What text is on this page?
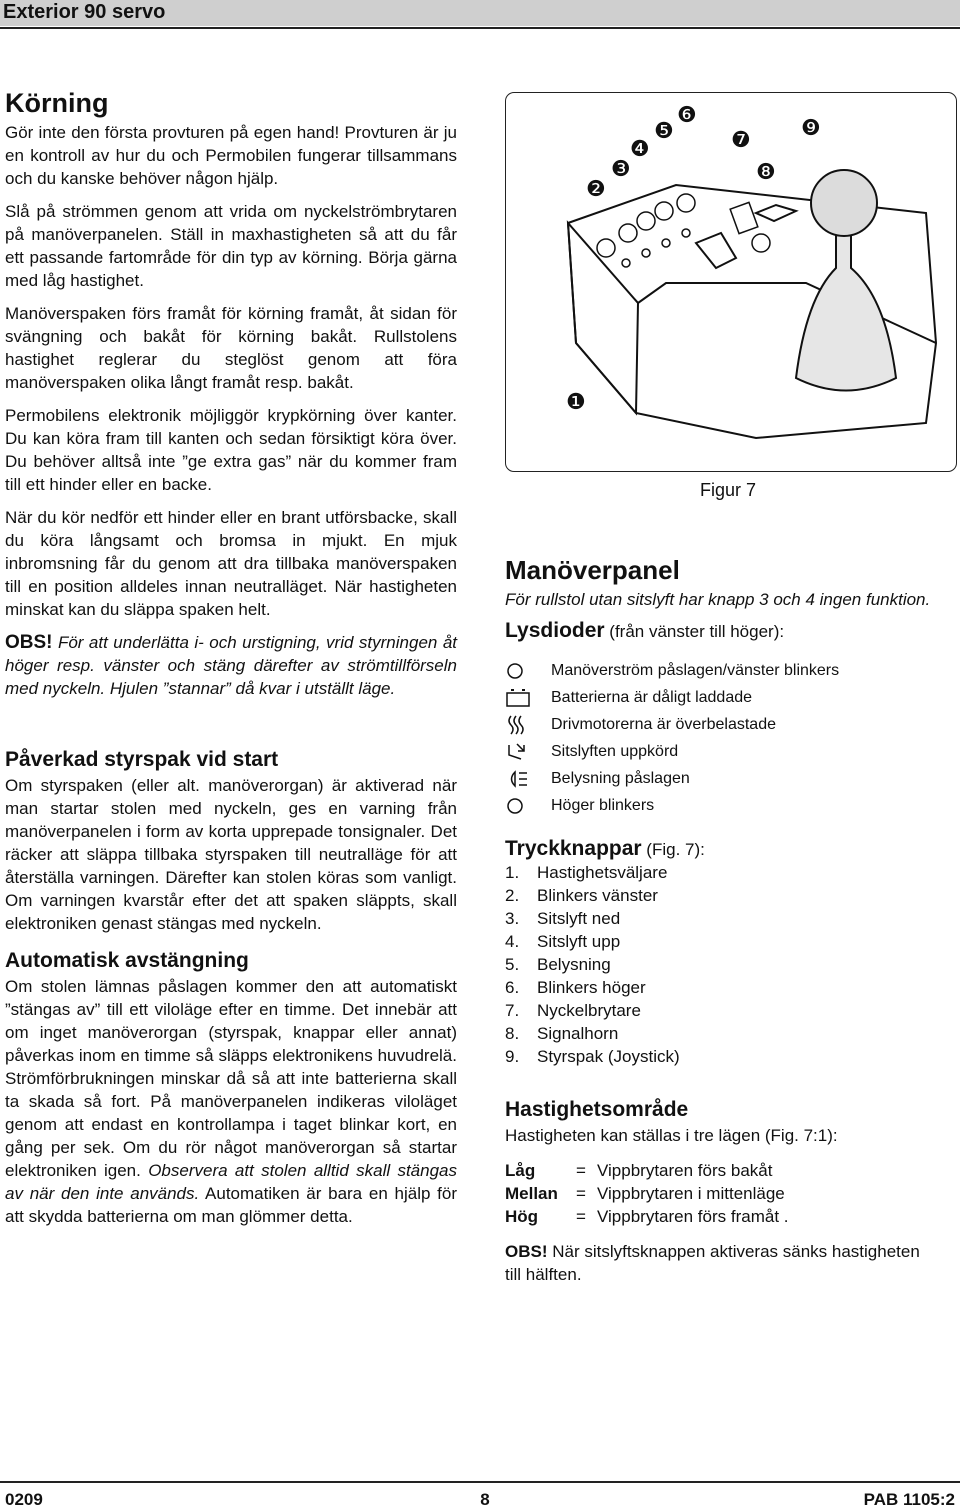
Exterior 90 servo
Körning

Gör inte den första provturen på egen hand! Provturen är ju en kontroll av hur du och Permobilen fungerar tillsammans och du kanske behöver någon hjälp.

Slå på strömmen genom att vrida om nyckelströmbrytaren på manöverpanelen. Ställ in maxhastigheten så att du får ett passande fartområde för din typ av körning. Börja gärna med låg hastighet.

Manöverspaken förs framåt för körning framåt, åt sidan för svängning och bakåt för körning bakåt. Rullstolens hastighet reglerar du steglöst genom att föra manöverspaken olika långt framåt resp. bakåt.

Permobilens elektronik möjliggör krypkörning över kanter. Du kan köra fram till kanten och sedan försiktigt köra över. Du behöver alltså inte ”ge extra gas” när du kommer fram till ett hinder eller en backe.

När du kör nedför ett hinder eller en brant utförsbacke, skall du köra långsamt och bromsa in mjukt. En mjuk inbromsning får du genom att dra tillbaka manöverspaken till en position alldeles innan neutralläget. När hastigheten minskat kan du släppa spaken helt.

OBS! För att underlätta i- och urstigning, vrid styrningen åt höger resp. vänster och stäng därefter av strömtillförseln med nyckeln. Hjulen ”stannar” då kvar i utställt läge.

Påverkad styrspak vid start

Om styrspaken (eller alt. manöverorgan) är aktiverad när man startar stolen med nyckeln, ges en varning från manöverpanelen i form av korta upprepade tonsignaler. Det räcker att släppa tillbaka styrspaken till neutralläge för att återställa varningen. Därefter kan stolen köras som vanligt. Om varningen kvarstår efter det att spaken släppts, skall elektroniken genast stängas med nyckeln.

Automatisk avstängning

Om stolen lämnas påslagen kommer den att automatiskt ”stängas av” till ett viloläge efter en timme. Det innebär att om inget manöverorgan (styrspak, knappar eller annat) påverkas inom en timme så släpps elektronikens huvudrelä. Strömförbrukningen minskar då så att inte batterierna skall ta skada så fort. På manöverpanelen indikeras viloläget genom att endast en kontrollampa i taget blinkar kort, en gång per sek. Om du rör något manöverorgan så startar elektroniken igen. Observera att stolen alltid skall stängas av när den inte används. Automatiken är bara en hjälp för att skydda batterierna om man glömmer detta.

❶
❷
❸
❹
❺
❻
❼
❽
❾
Figur 7
Manöverpanel

För rullstol utan sitslyft har knapp 3 och 4 ingen funktion.

Lysdioder (från vänster till höger):
Manöverström påslagen/vänster blinkers
Batterierna är dåligt laddade
Drivmotorerna är överbelastade
Sitslyften uppkörd
Belysning påslagen
Höger blinkers
Tryckknappar (Fig. 7):
1. Hastighetsväljare
2. Blinkers vänster
3. Sitslyft ned
4. Sitslyft upp
5. Belysning
6. Blinkers höger
7. Nyckelbrytare
8. Signalhorn
9. Styrspak (Joystick)
Hastighetsområde

Hastigheten kan ställas i tre lägen (Fig. 7:1):

Låg	= Vippbrytaren förs bakåt
Mellan	= Vippbrytaren i mittenläge
Hög	= Vippbrytaren förs framåt .

OBS! När sitslyftsknappen aktiveras sänks hastigheten till hälften.

0209	8	PAB 1105:2
